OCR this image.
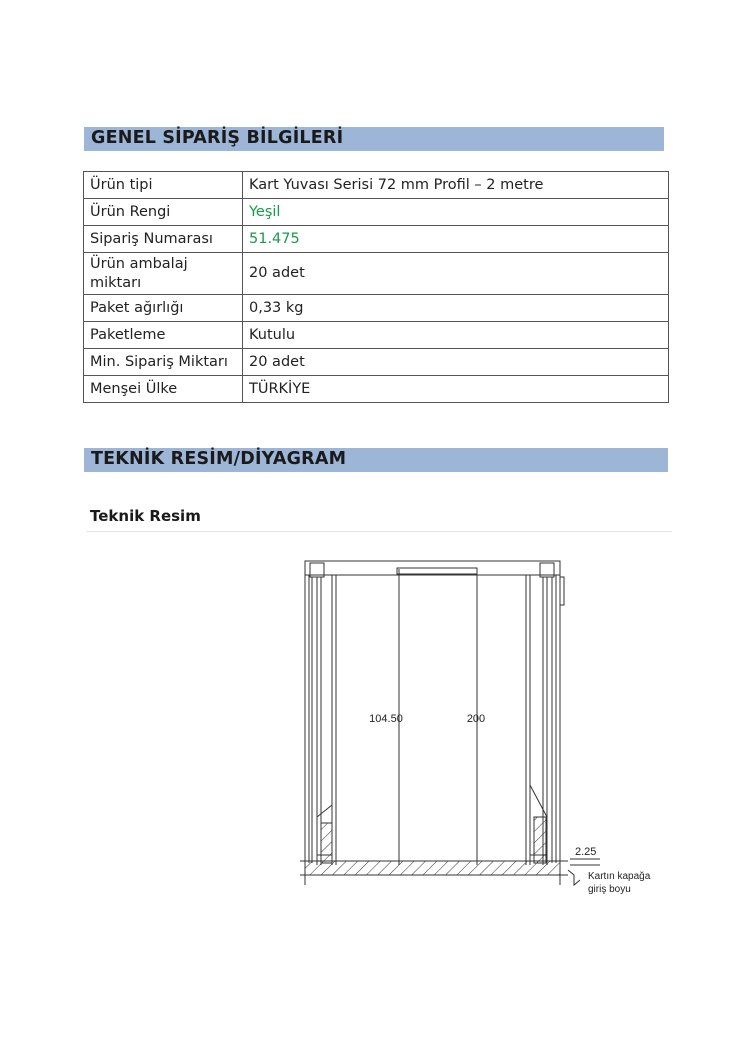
GENEL SİPARİŞ BİLGİLERİ
Ürün tipi	Kart Yuvası Serisi 72 mm Profil – 2 metre
Ürün Rengi	Yeşil
Sipariş Numarası	51.475
Ürün ambalaj miktarı	20 adet
Paket ağırlığı	0,33 kg
Paketleme	Kutulu
Min. Sipariş Miktarı	20 adet
Menşei Ülke	TÜRKİYE
TEKNİK RESİM/DİYAGRAM
Teknik Resim
104.50	200
2.25
Kartın kapağa
giriş boyu
